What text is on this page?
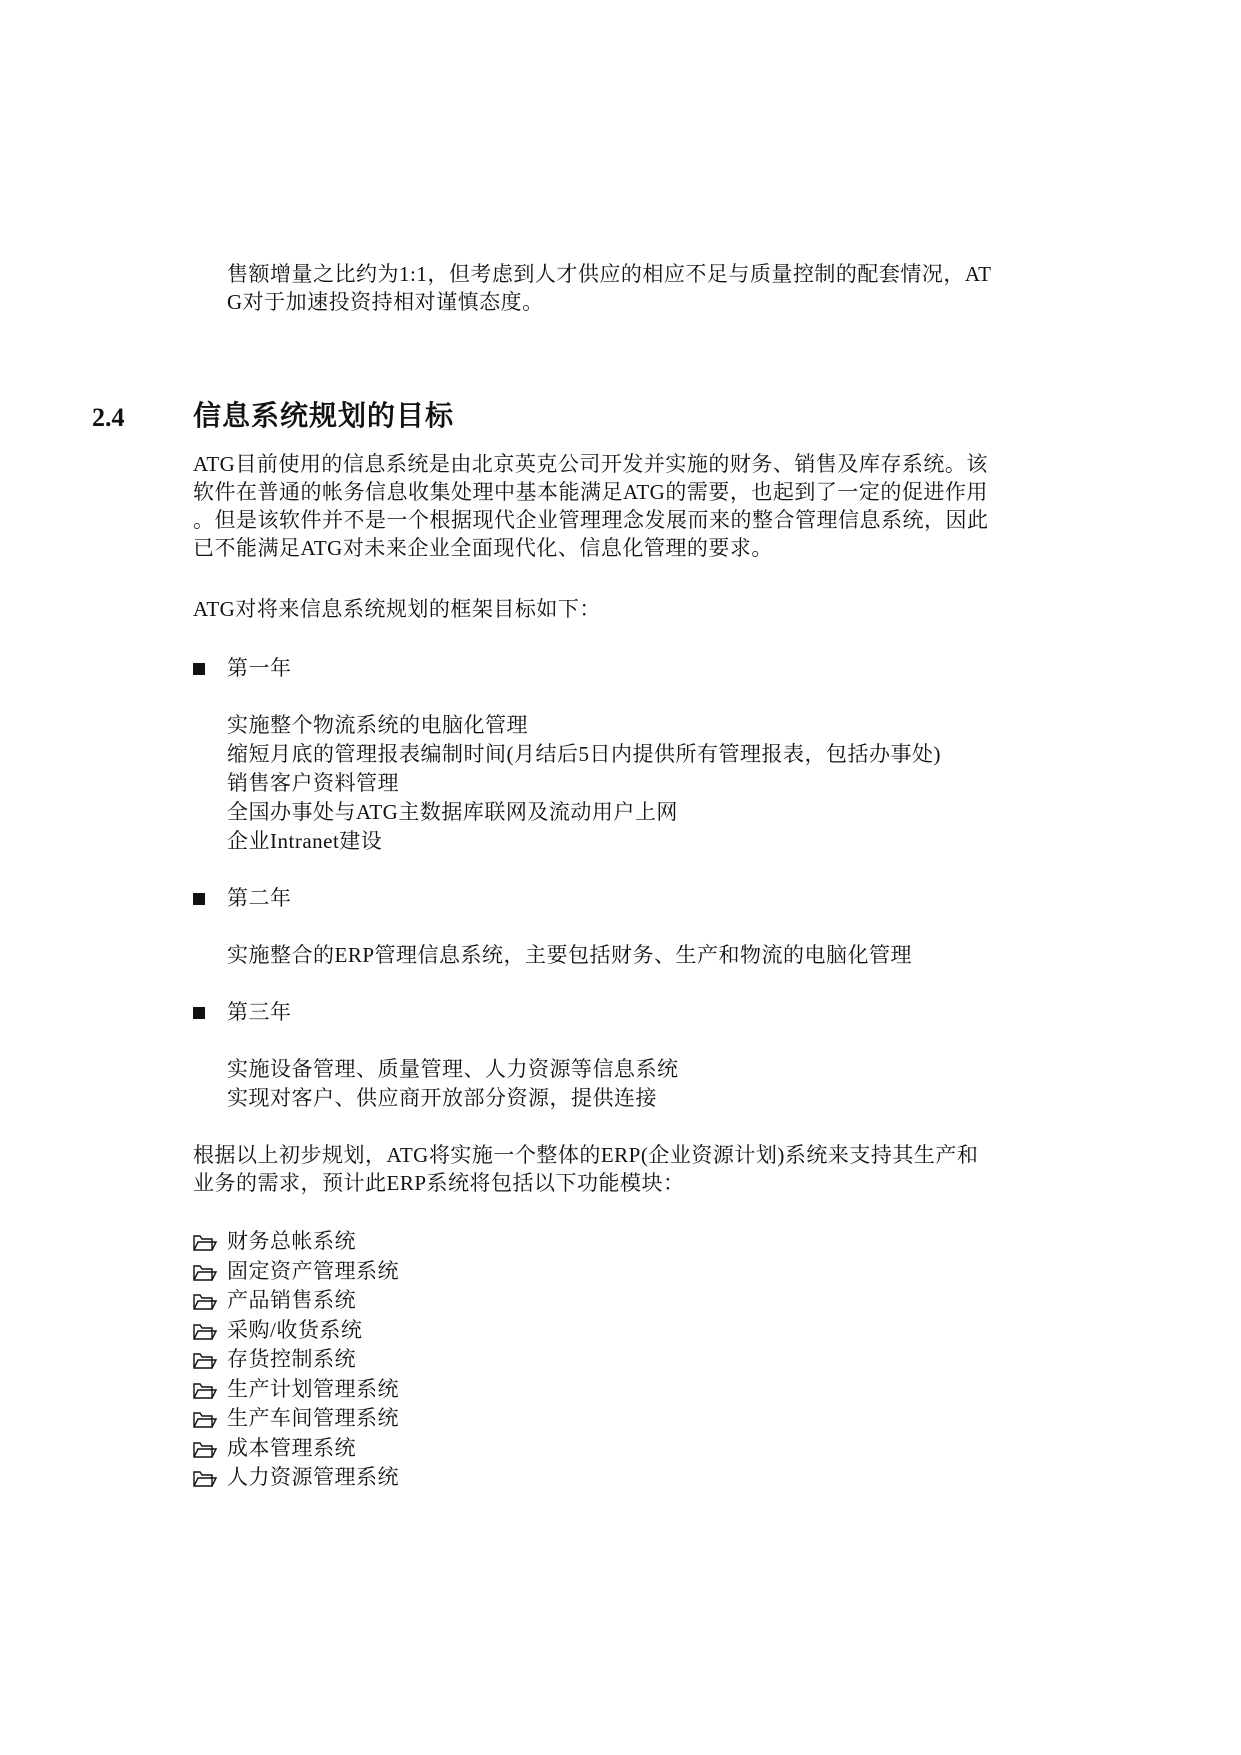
售额增量之比约为1:1，但考虑到人才供应的相应不足与质量控制的配套情况，AT
G对于加速投资持相对谨慎态度。
2.4 信息系统规划的目标
ATG目前使用的信息系统是由北京英克公司开发并实施的财务、销售及库存系统。该
软件在普通的帐务信息收集处理中基本能满足ATG的需要，也起到了一定的促进作用
。但是该软件并不是一个根据现代企业管理理念发展而来的整合管理信息系统，因此
已不能满足ATG对未来企业全面现代化、信息化管理的要求。
ATG对将来信息系统规划的框架目标如下：
第一年
实施整个物流系统的电脑化管理
缩短月底的管理报表编制时间(月结后5日内提供所有管理报表，包括办事处)
销售客户资料管理
全国办事处与ATG主数据库联网及流动用户上网
企业Intranet建设
第二年
实施整合的ERP管理信息系统，主要包括财务、生产和物流的电脑化管理
第三年
实施设备管理、质量管理、人力资源等信息系统
实现对客户、供应商开放部分资源，提供连接
根据以上初步规划，ATG将实施一个整体的ERP(企业资源计划)系统来支持其生产和
业务的需求，预计此ERP系统将包括以下功能模块：
财务总帐系统
固定资产管理系统
产品销售系统
采购/收货系统
存货控制系统
生产计划管理系统
生产车间管理系统
成本管理系统
人力资源管理系统
